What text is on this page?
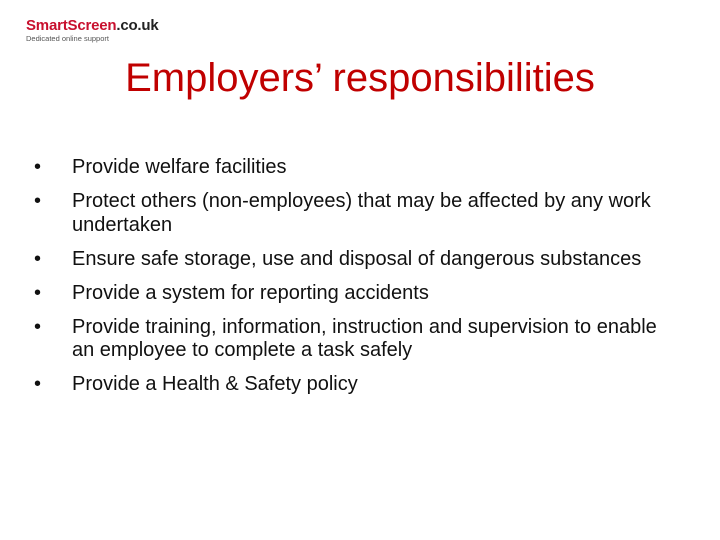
SmartScreen.co.uk
Dedicated online support
Employers’ responsibilities
•	Provide welfare facilities
•	Protect others (non-employees) that may be affected by any work undertaken
•	Ensure safe storage, use and disposal of dangerous substances
•	Provide a system for reporting accidents
•	Provide training, information, instruction and supervision to enable an employee to complete a task safely
•	Provide a Health & Safety policy
